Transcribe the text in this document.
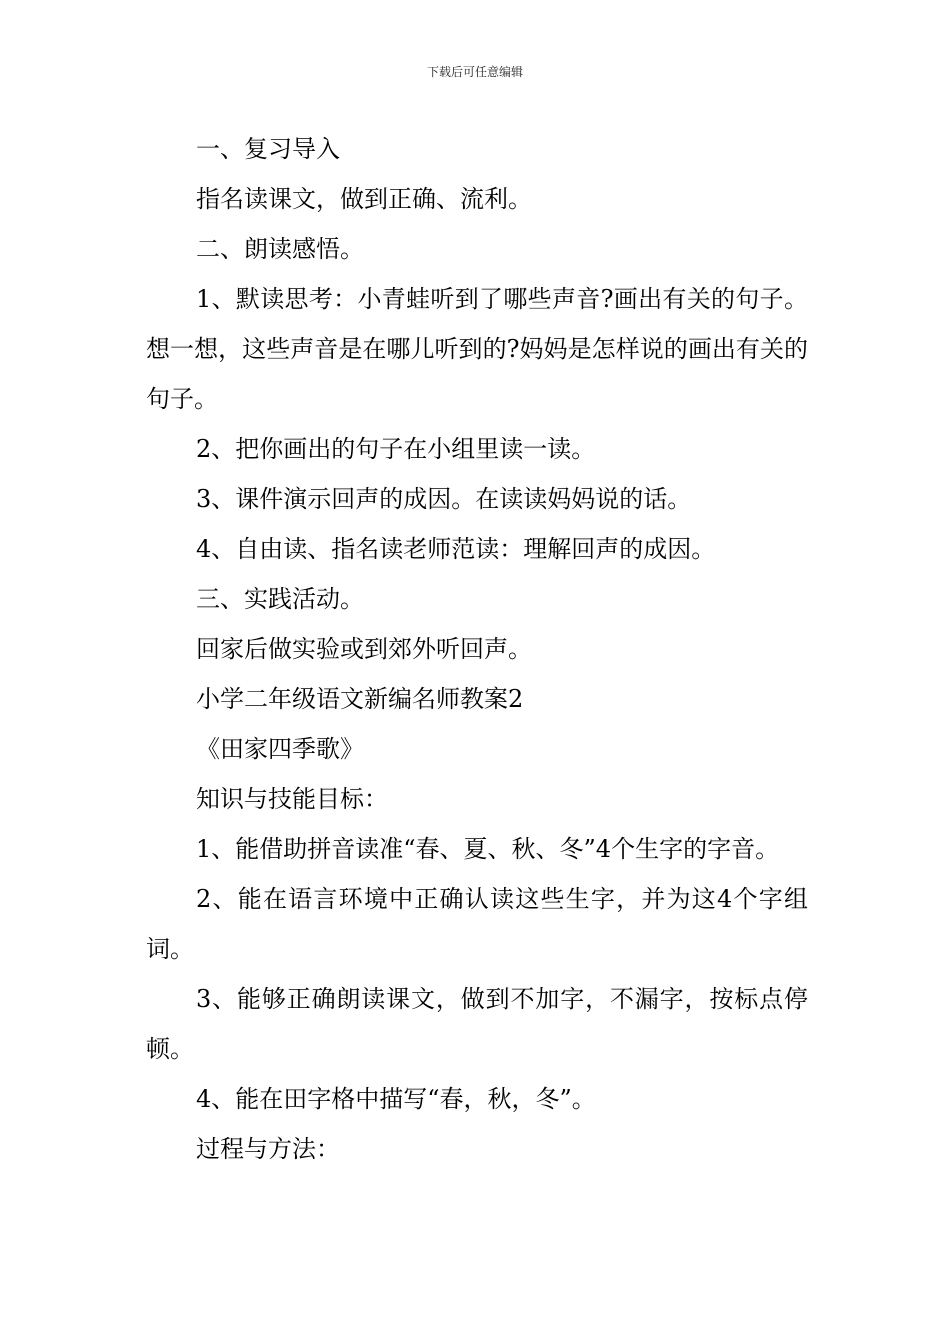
下载后可任意编辑

一、复习导入

指名读课文，做到正确、流利。

二、朗读感悟。

1、默读思考：小青蛙听到了哪些声音?画出有关的句子。想一想，这些声音是在哪儿听到的?妈妈是怎样说的画出有关的句子。

2、把你画出的句子在小组里读一读。

3、课件演示回声的成因。在读读妈妈说的话。

4、自由读、指名读老师范读：理解回声的成因。

三、实践活动。

回家后做实验或到郊外听回声。

小学二年级语文新编名师教案2

《田家四季歌》

知识与技能目标：

1、能借助拼音读准“春、夏、秋、冬”4个生字的字音。

2、能在语言环境中正确认读这些生字，并为这4个字组词。

3、能够正确朗读课文，做到不加字，不漏字，按标点停顿。

4、能在田字格中描写“春，秋，冬”。

过程与方法：
